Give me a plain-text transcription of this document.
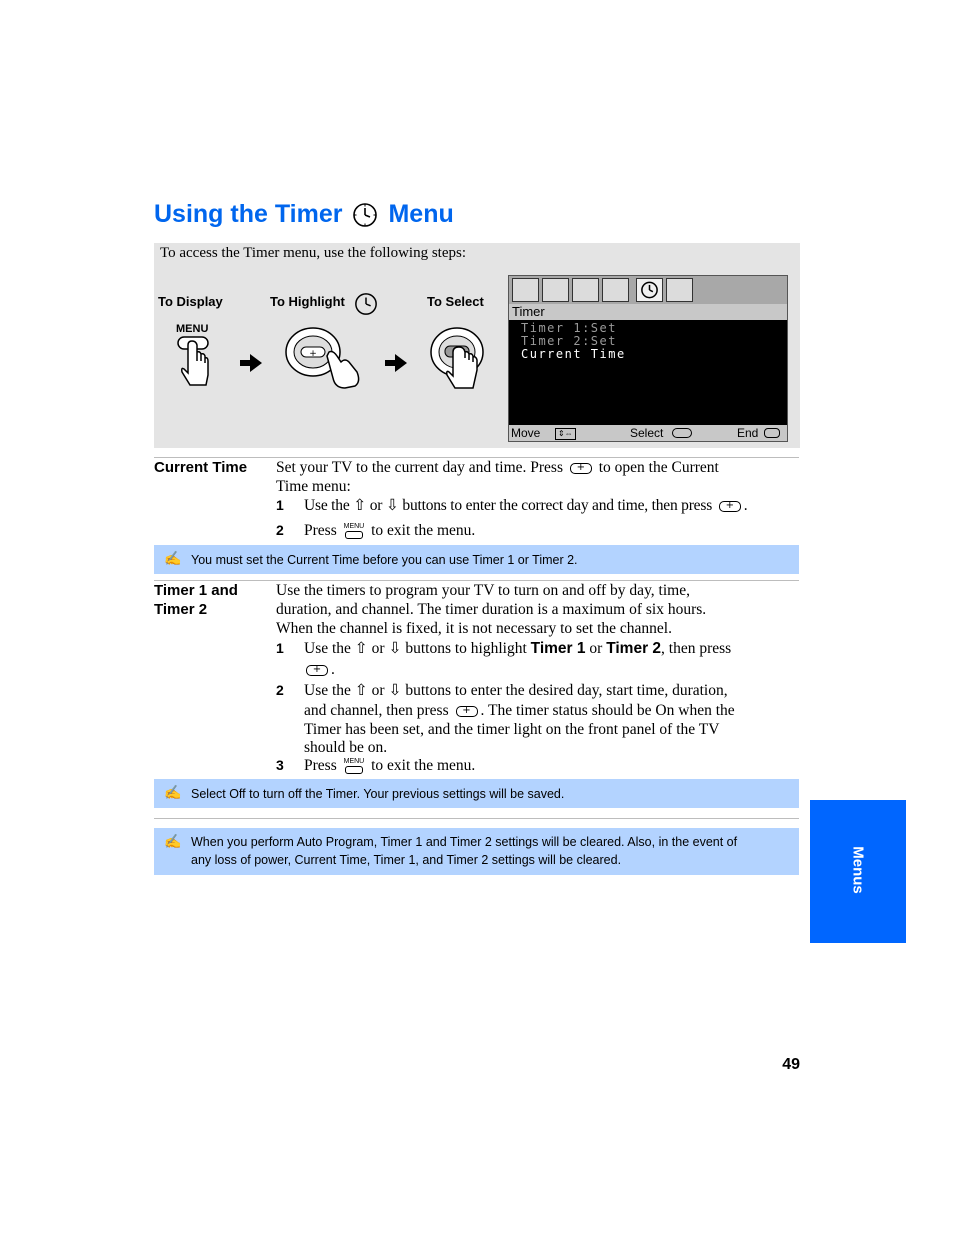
Using the Timer Menu
To access the Timer menu, use the following steps:
To Display	To Highlight	To Select
MENU
+
Timer
Timer 1:Set
Timer 2:Set
Current Time
Move	⇕⇔	Select	End
Current Time Set your TV to the current day and time. Press + to open the Current
Time menu:
1 Use the ⇧ or ⇩ buttons to enter the correct day and time, then press + .
2 Press MENU to exit the menu.
✍ You must set the Current Time before you can use Timer 1 or Timer 2.
Timer 1 and
Timer 2
Use the timers to program your TV to turn on and off by day, time,
duration, and channel. The timer duration is a maximum of six hours.
When the channel is fixed, it is not necessary to set the channel.
1 Use the ⇧ or ⇩ buttons to highlight Timer 1 or Timer 2, then press
+.
2 Use the ⇧ or ⇩ buttons to enter the desired day, start time, duration,
and channel, then press + . The timer status should be On when the
Timer has been set, and the timer light on the front panel of the TV
should be on.
3 Press MENU to exit the menu.
✍ Select Off to turn off the Timer. Your previous settings will be saved.
✍ When you perform Auto Program, Timer 1 and Timer 2 settings will be cleared. Also, in the event of
any loss of power, Current Time, Timer 1, and Timer 2 settings will be cleared.	Menus
49
